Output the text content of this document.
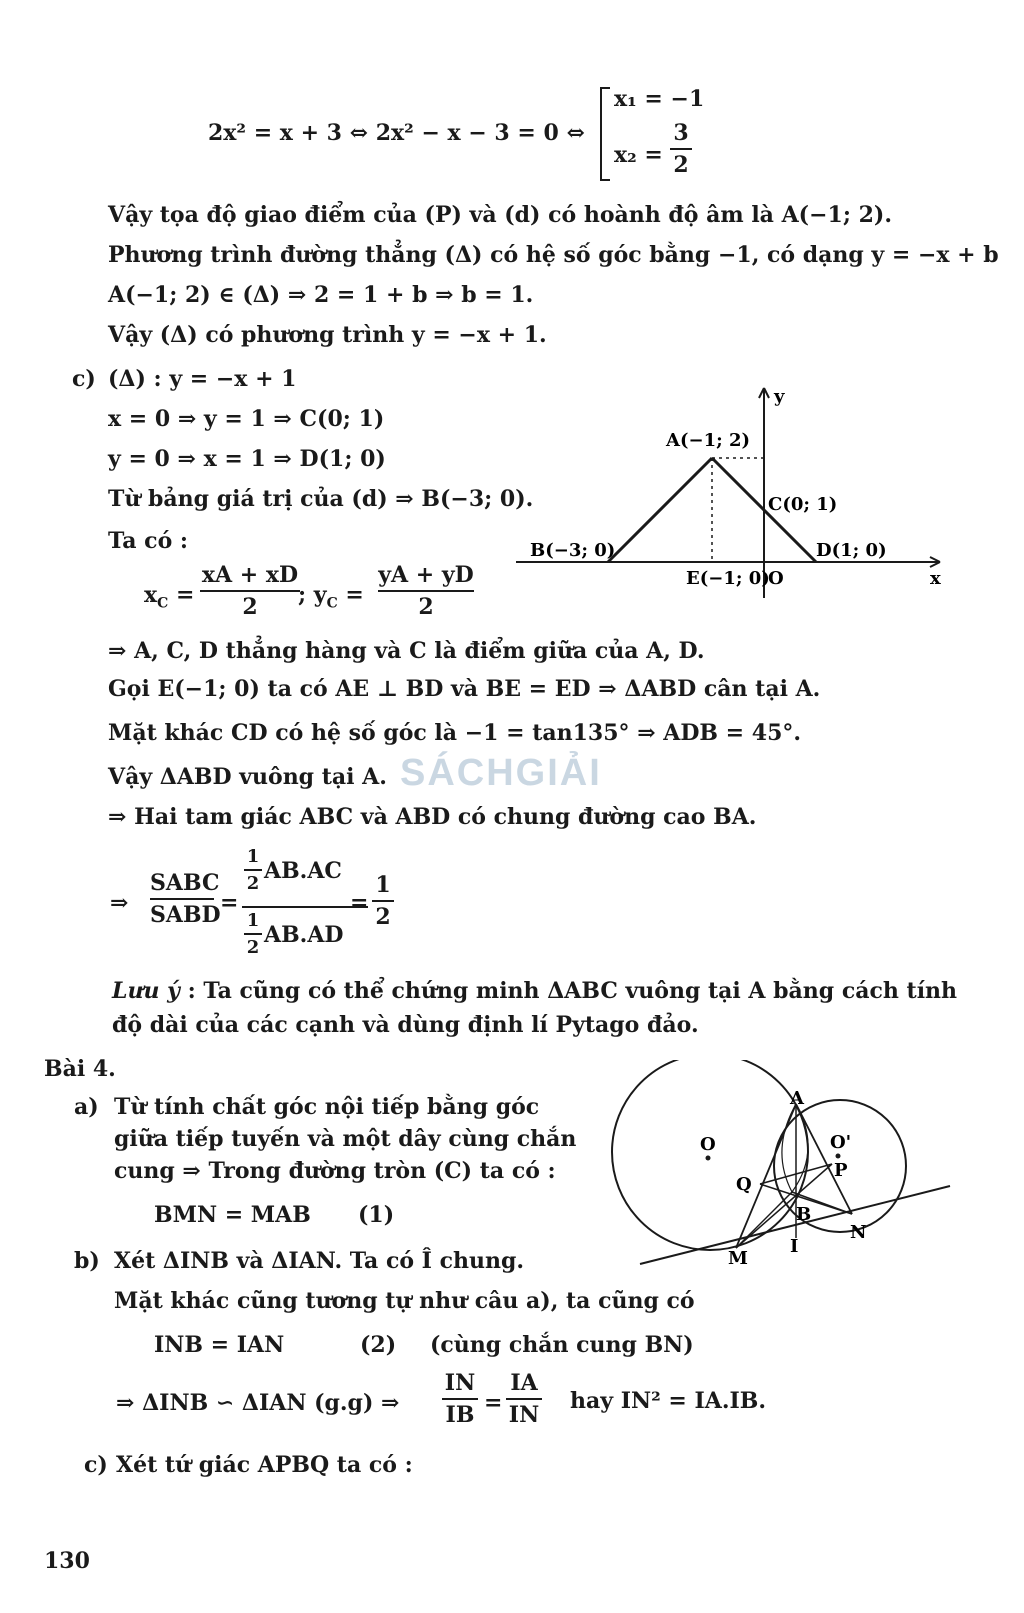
2x² = x + 3 ⇔ 2x² − x − 3 = 0 ⇔
x₁ = −1
x₂ =
3
2
Vậy tọa độ giao điểm của (P) và (d) có hoành độ âm là A(−1; 2).
Phương trình đường thẳng (Δ) có hệ số góc bằng −1, có dạng y = −x + b
A(−1; 2) ∈ (Δ) ⇒ 2 = 1 + b ⇒ b = 1.
Vậy (Δ) có phương trình y = −x + 1.
c) (Δ) : y = −x + 1
x = 0 ⇒ y = 1 ⇒ C(0; 1)
y = 0 ⇒ x = 1 ⇒ D(1; 0)
Từ bảng giá trị của (d) ⇒ B(−3; 0).
Ta có :
$x_C$ =
xA + xD
2	; $y_C$ =
yA + yD
2
y
x
A(−1; 2)
C(0; 1)
B(−3; 0)	D(1; 0)
E(−1; 0)
O
⇒ A, C, D thẳng hàng và C là điểm giữa của A, D.
Gọi E(−1; 0) ta có AE ⊥ BD và BE = ED ⇒ ΔABD cân tại A.
Mặt khác CD có hệ số góc là −1 = tan135° ⇒ ADB = 45°.
Vậy ΔABD vuông tại A.
⇒ Hai tam giác ABC và ABD có chung đường cao BA.
⇒
SABC
SABD =
1
2 AB.AC
1
2 AB.AD
=
1
2
Lưu ý : Ta cũng có thể chứng minh ΔABC vuông tại A bằng cách tính
độ dài của các cạnh và dùng định lí Pytago đảo.
SÁCHGIẢI
Bài 4.
a) Từ tính chất góc nội tiếp bằng góc
giữa tiếp tuyến và một dây cùng chắn
cung ⇒ Trong đường tròn (C) ta có :
BMN = MAB (1)
b) Xét ΔINB và ΔIAN. Ta có Î chung.
Mặt khác cũng tương tự như câu a), ta cũng có
INB = IAN	(2) (cùng chắn cung BN)
⇒ ΔINB ∽ ΔIAN (g.g) ⇒
IN
IB =
IA
IN
hay IN² = IA.IB.
c) Xét tứ giác APBQ ta có :
O	O'
A
P
Q
B
N
M
I
130
